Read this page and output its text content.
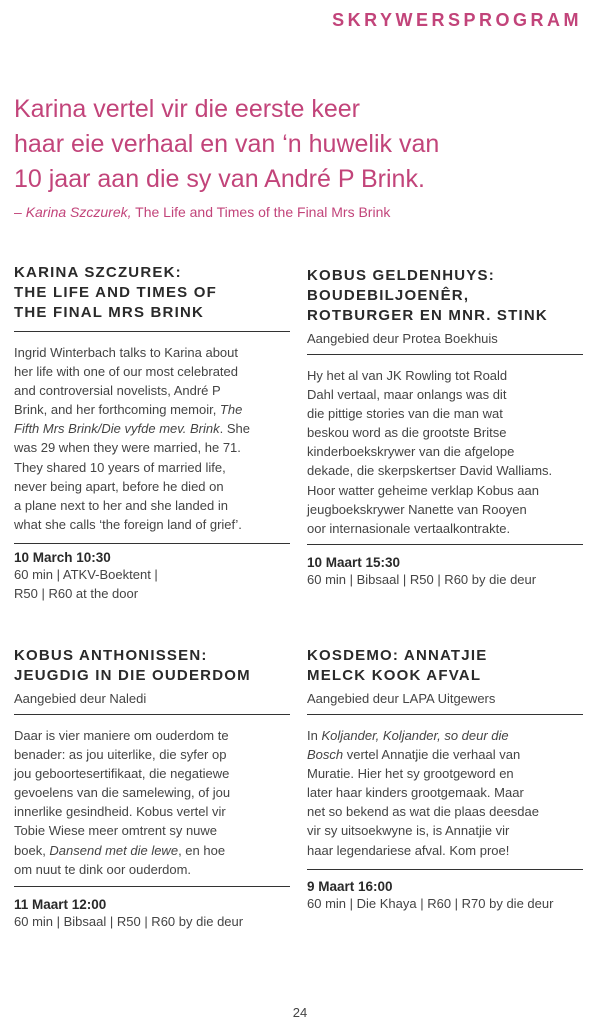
SKRYWERSPROGRAM
Karina vertel vir die eerste keer
haar eie verhaal en van ‘n huwelik van
10 jaar aan die sy van André P Brink.
– Karina Szczurek, The Life and Times of the Final Mrs Brink
KARINA SZCZUREK:
THE LIFE AND TIMES OF
THE FINAL MRS BRINK
Ingrid Winterbach talks to Karina about
her life with one of our most celebrated
and controversial novelists, André P
Brink, and her forthcoming memoir, The
Fifth Mrs Brink/Die vyfde mev. Brink. She
was 29 when they were married, he 71.
They shared 10 years of married life,
never being apart, before he died on
a plane next to her and she landed in
what she calls ‘the foreign land of grief’.
10 March 10:30
60 min | ATKV-Boektent |
R50 | R60 at the door
KOBUS GELDENHUYS:
BOUDEBILJOENÊR,
ROTBURGER EN MNR. STINK
Aangebied deur Protea Boekhuis
Hy het al van JK Rowling tot Roald
Dahl vertaal, maar onlangs was dit
die pittige stories van die man wat
beskou word as die grootste Britse
kinderboekskrywer van die afgelope
dekade, die skerpskertser David Walliams.
Hoor watter geheime verklap Kobus aan
jeugboekskrywer Nanette van Rooyen
oor internasionale vertaalkontrakte.
10 Maart 15:30
60 min | Bibsaal | R50 | R60 by die deur
KOBUS ANTHONISSEN:
JEUGDIG IN DIE OUDERDOM
Aangebied deur Naledi
Daar is vier maniere om ouderdom te
benader: as jou uiterlike, die syfer op
jou geboortesertifikaat, die negatiewe
gevoelens van die samelewing, of jou
innerlike gesindheid. Kobus vertel vir
Tobie Wiese meer omtrent sy nuwe
boek, Dansend met die lewe, en hoe
om nuut te dink oor ouderdom.
11 Maart 12:00
60 min | Bibsaal | R50 | R60 by die deur
KOSDEMO: ANNATJIE
MELCK KOOK AFVAL
Aangebied deur LAPA Uitgewers
In Koljander, Koljander, so deur die
Bosch vertel Annatjie die verhaal van
Muratie. Hier het sy grootgeword en
later haar kinders grootgemaak. Maar
net so bekend as wat die plaas deesdae
vir sy uitsoekwyne is, is Annatjie vir
haar legendariese afval. Kom proe!
9 Maart 16:00
60 min | Die Khaya | R60 | R70 by die deur
24
